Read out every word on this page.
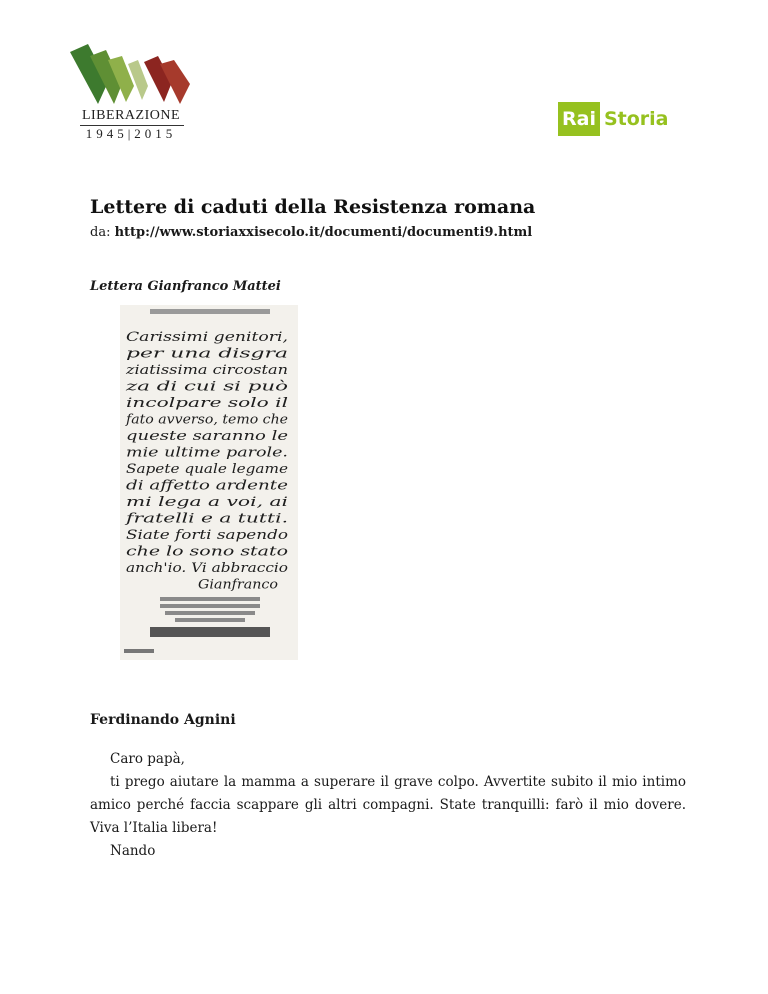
LIBERAZIONE
1945|2015
Rai Storia
Lettere di caduti della Resistenza romana
da: http://www.storiaxxisecolo.it/documenti/documenti9.html
Lettera Gianfranco Mattei
Carissimi genitori,
per una disgra
ziatissima circostan
za di cui si può
incolpare solo il
fato avverso, temo che
queste saranno le
mie ultime parole.
Sapete quale legame
di affetto ardente
mi lega a voi, ai
fratelli e a tutti.
Siate forti sapendo
che lo sono stato
anch'io. Vi abbraccio
Gianfranco
Ferdinando Agnini

Caro papà,

ti prego aiutare la mamma a superare il grave colpo. Avvertite subito il mio intimo amico perché faccia scappare gli altri compagni. State tranquilli: farò il mio dovere. Viva l’Italia libera!

Nando
